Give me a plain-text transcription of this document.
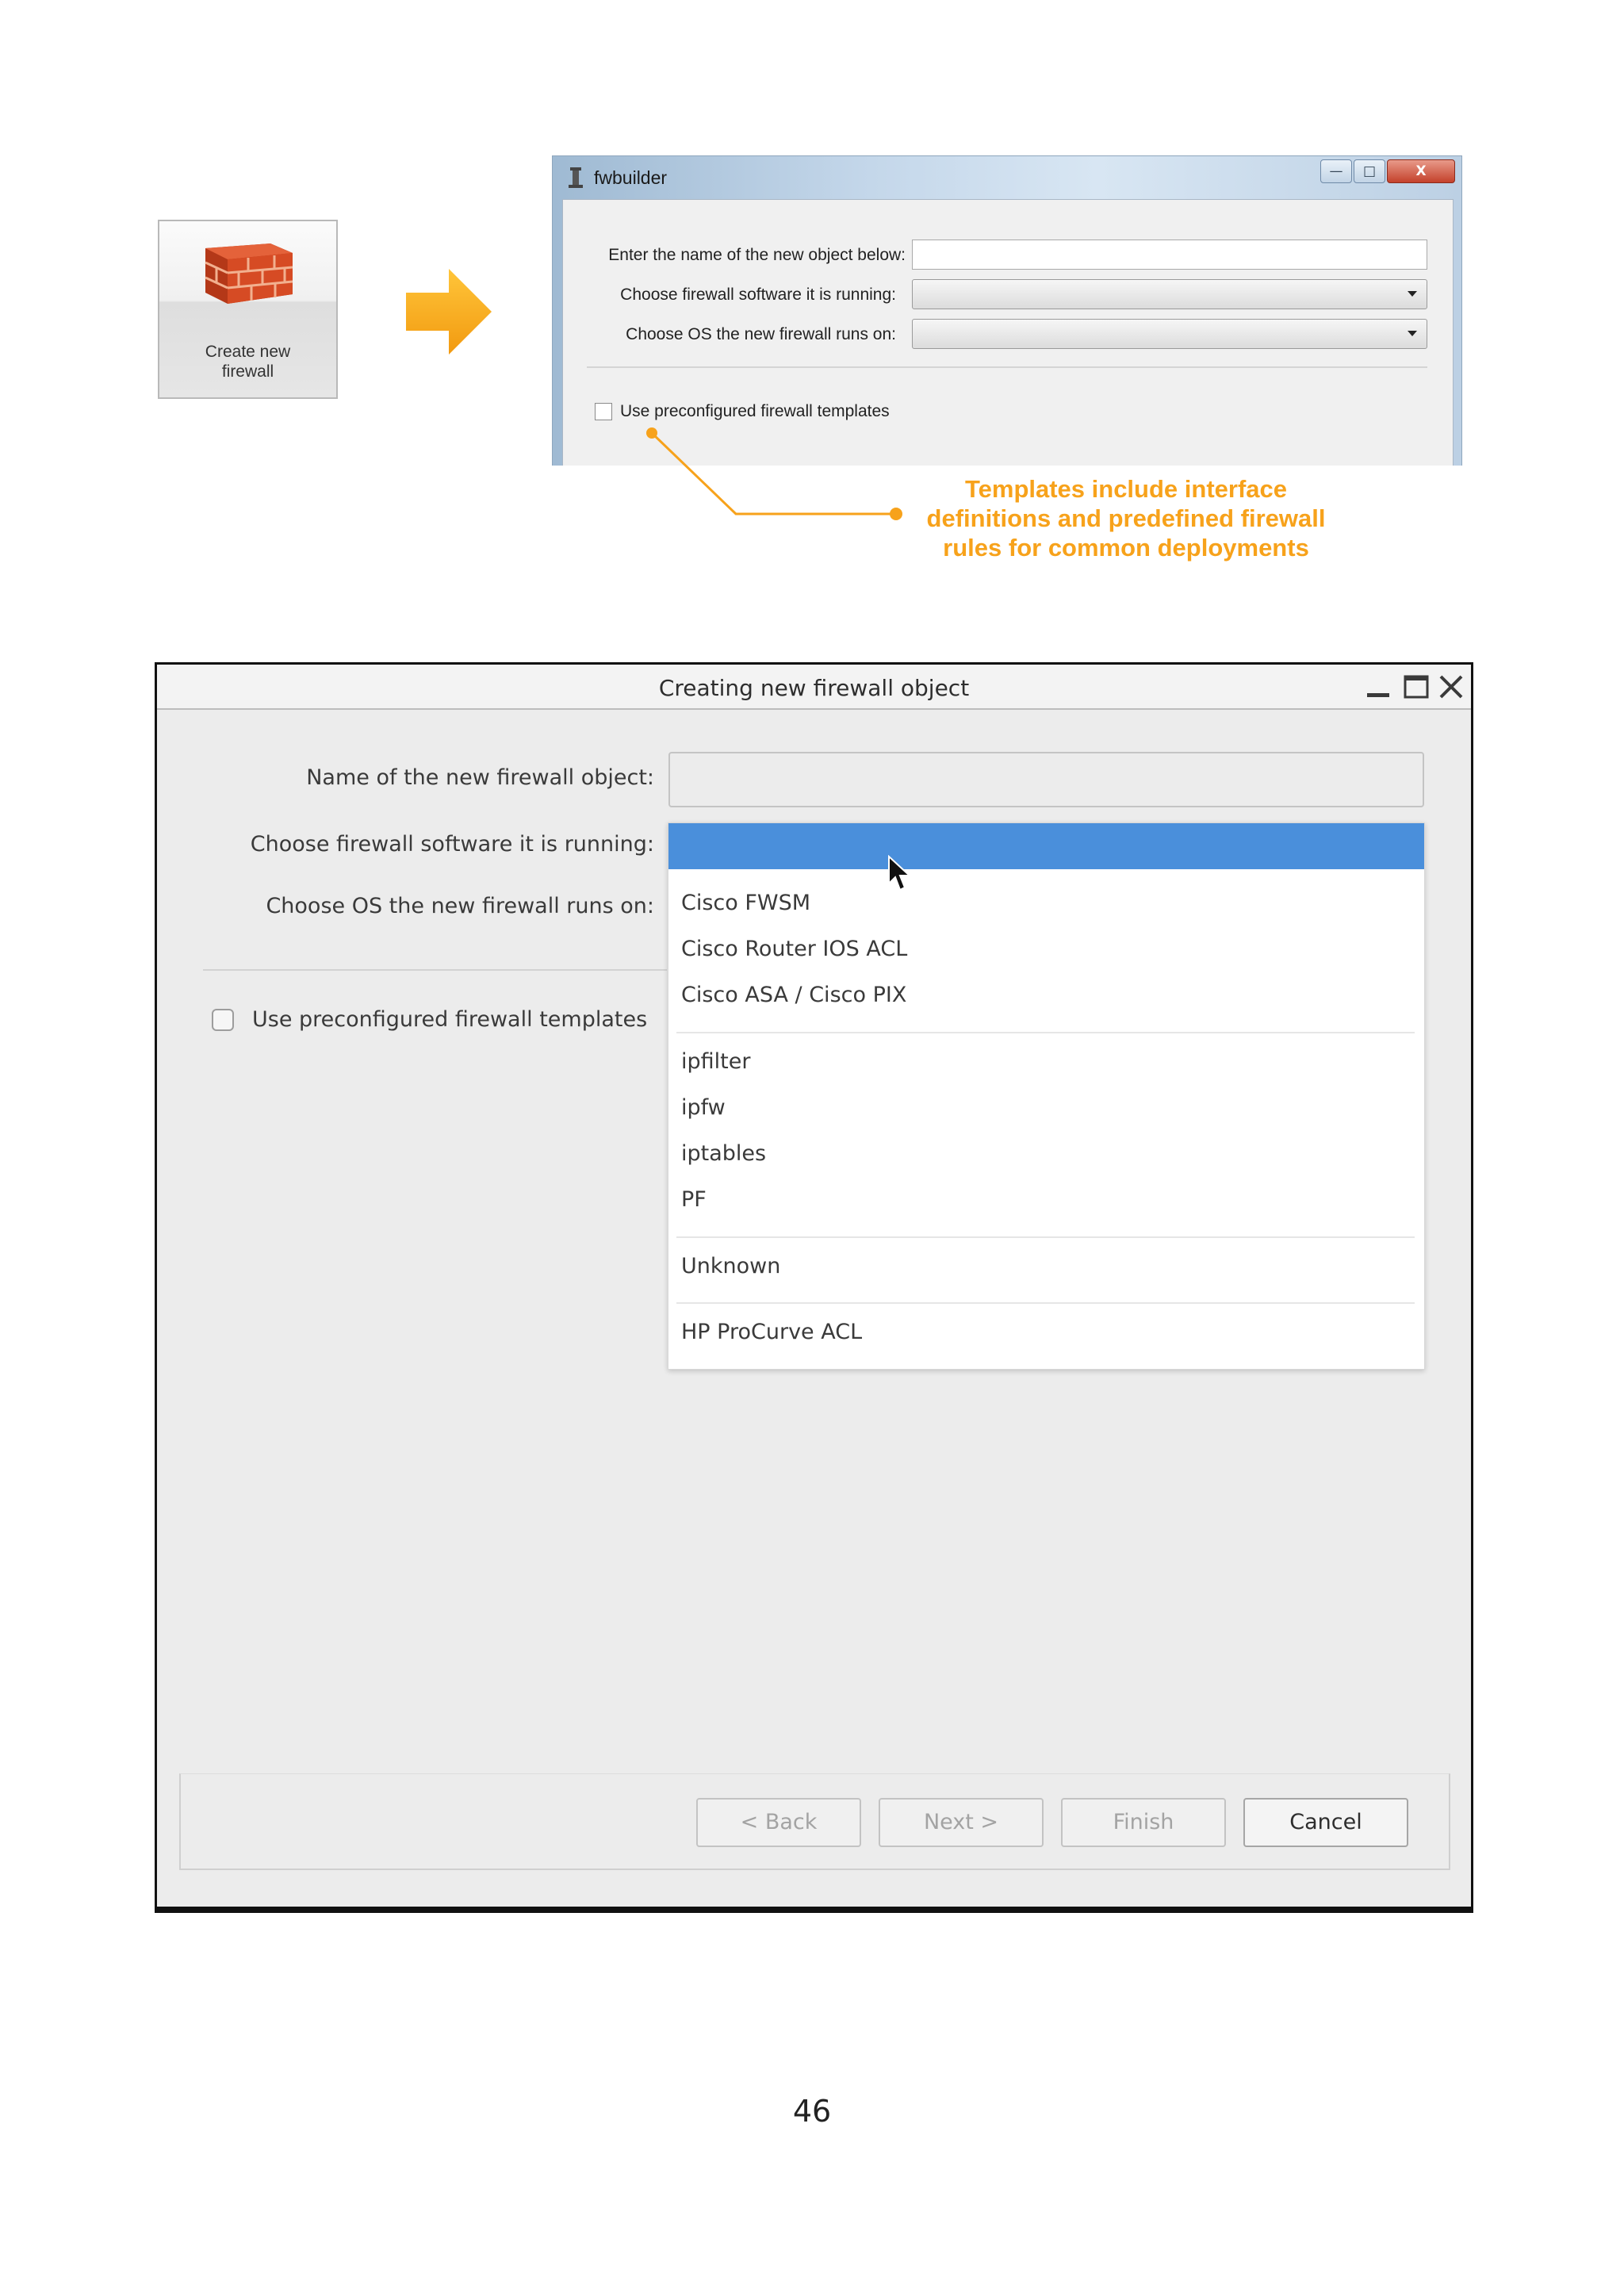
Create new
firewall
fwbuilder	—	□	X
Enter the name of the new object below:
Choose firewall software it is running:
Choose OS the new firewall runs on:
Use preconfigured firewall templates
Templates include interface
definitions and predefined firewall
rules for common deployments
Creating new firewall object
Name of the new firewall object:
Choose firewall software it is running:
Choose OS the new firewall runs on:
Use preconfigured firewall templates
Cisco FWSM
Cisco Router IOS ACL
Cisco ASA / Cisco PIX
ipfilter
ipfw
iptables
PF
Unknown
HP ProCurve ACL
< Back	Next >	Finish	Cancel
46
